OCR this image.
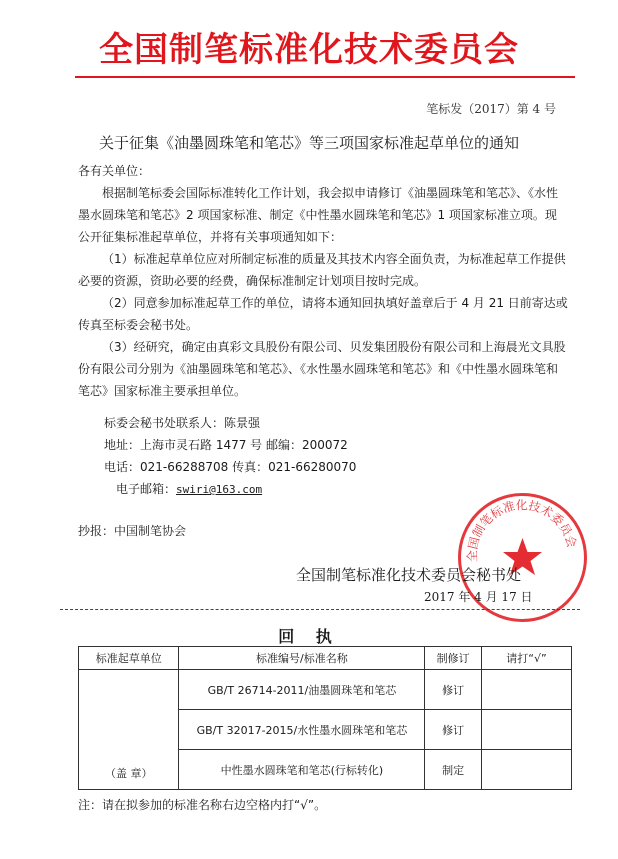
全国制笔标准化技术委员会
笔标发（2017）第 4 号
关于征集《油墨圆珠笔和笔芯》等三项国家标准起草单位的通知
各有关单位：
根据制笔标委会国际标准转化工作计划，我会拟申请修订《油墨圆珠笔和笔芯》、《水性墨水圆珠笔和笔芯》2 项国家标准、制定《中性墨水圆珠笔和笔芯》1 项国家标准立项。现公开征集标准起草单位，并将有关事项通知如下：
（1）标准起草单位应对所制定标准的质量及其技术内容全面负责，为标准起草工作提供必要的资源，资助必要的经费，确保标准制定计划项目按时完成。
（2）同意参加标准起草工作的单位，请将本通知回执填好盖章后于 4 月 21 日前寄达或传真至标委会秘书处。
（3）经研究，确定由真彩文具股份有限公司、贝发集团股份有限公司和上海晨光文具股份有限公司分别为《油墨圆珠笔和笔芯》、《水性墨水圆珠笔和笔芯》和《中性墨水圆珠笔和笔芯》国家标准主要承担单位。
标委会秘书处联系人：陈景强
地址：上海市灵石路 1477 号 邮编：200072
电话：021-66288708 传真：021-66280070
电子邮箱：swiri@163.com
抄报：中国制笔协会
全国制笔标准化技术委员会
全国制笔标准化技术委员会秘书处
2017 年 4 月 17 日
回 执
标准起草单位	标准编号/标准名称	制修订	请打“√”
（盖 章）	GB/T 26714-2011/油墨圆珠笔和笔芯	修订	
	GB/T 32017-2015/水性墨水圆珠笔和笔芯	修订	
	中性墨水圆珠笔和笔芯(行标转化)	制定	
注：请在拟参加的标准名称右边空格内打“√”。
